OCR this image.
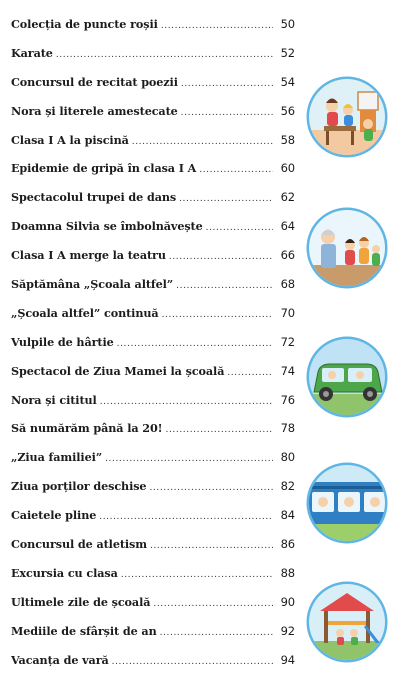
Colecția de puncte roșii .....	50
Karate .....	52
Concursul de recitat poezii .....	54
Nora și literele amestecate .....	56
Clasa I A la piscină .....	58
Epidemie de gripă în clasa I A .....	60
Spectacolul trupei de dans .....	62
Doamna Silvia se îmbolnăvește .....	64
Clasa I A merge la teatru .....	66
Săptămâna „Școala altfel” .....	68
„Școala altfel” continuă .....	70
Vulpile de hârtie .....	72
Spectacol de Ziua Mamei la școală .....	74
Nora și cititul .....	76
Să numărăm până la 20! .....	78
„Ziua familiei” .....	80
Ziua porților deschise .....	82
Caietele pline .....	84
Concursul de atletism .....	86
Excursia cu clasa .....	88
Ultimele zile de școală .....	90
Mediile de sfârșit de an .....	92
Vacanța de vară .....	94
